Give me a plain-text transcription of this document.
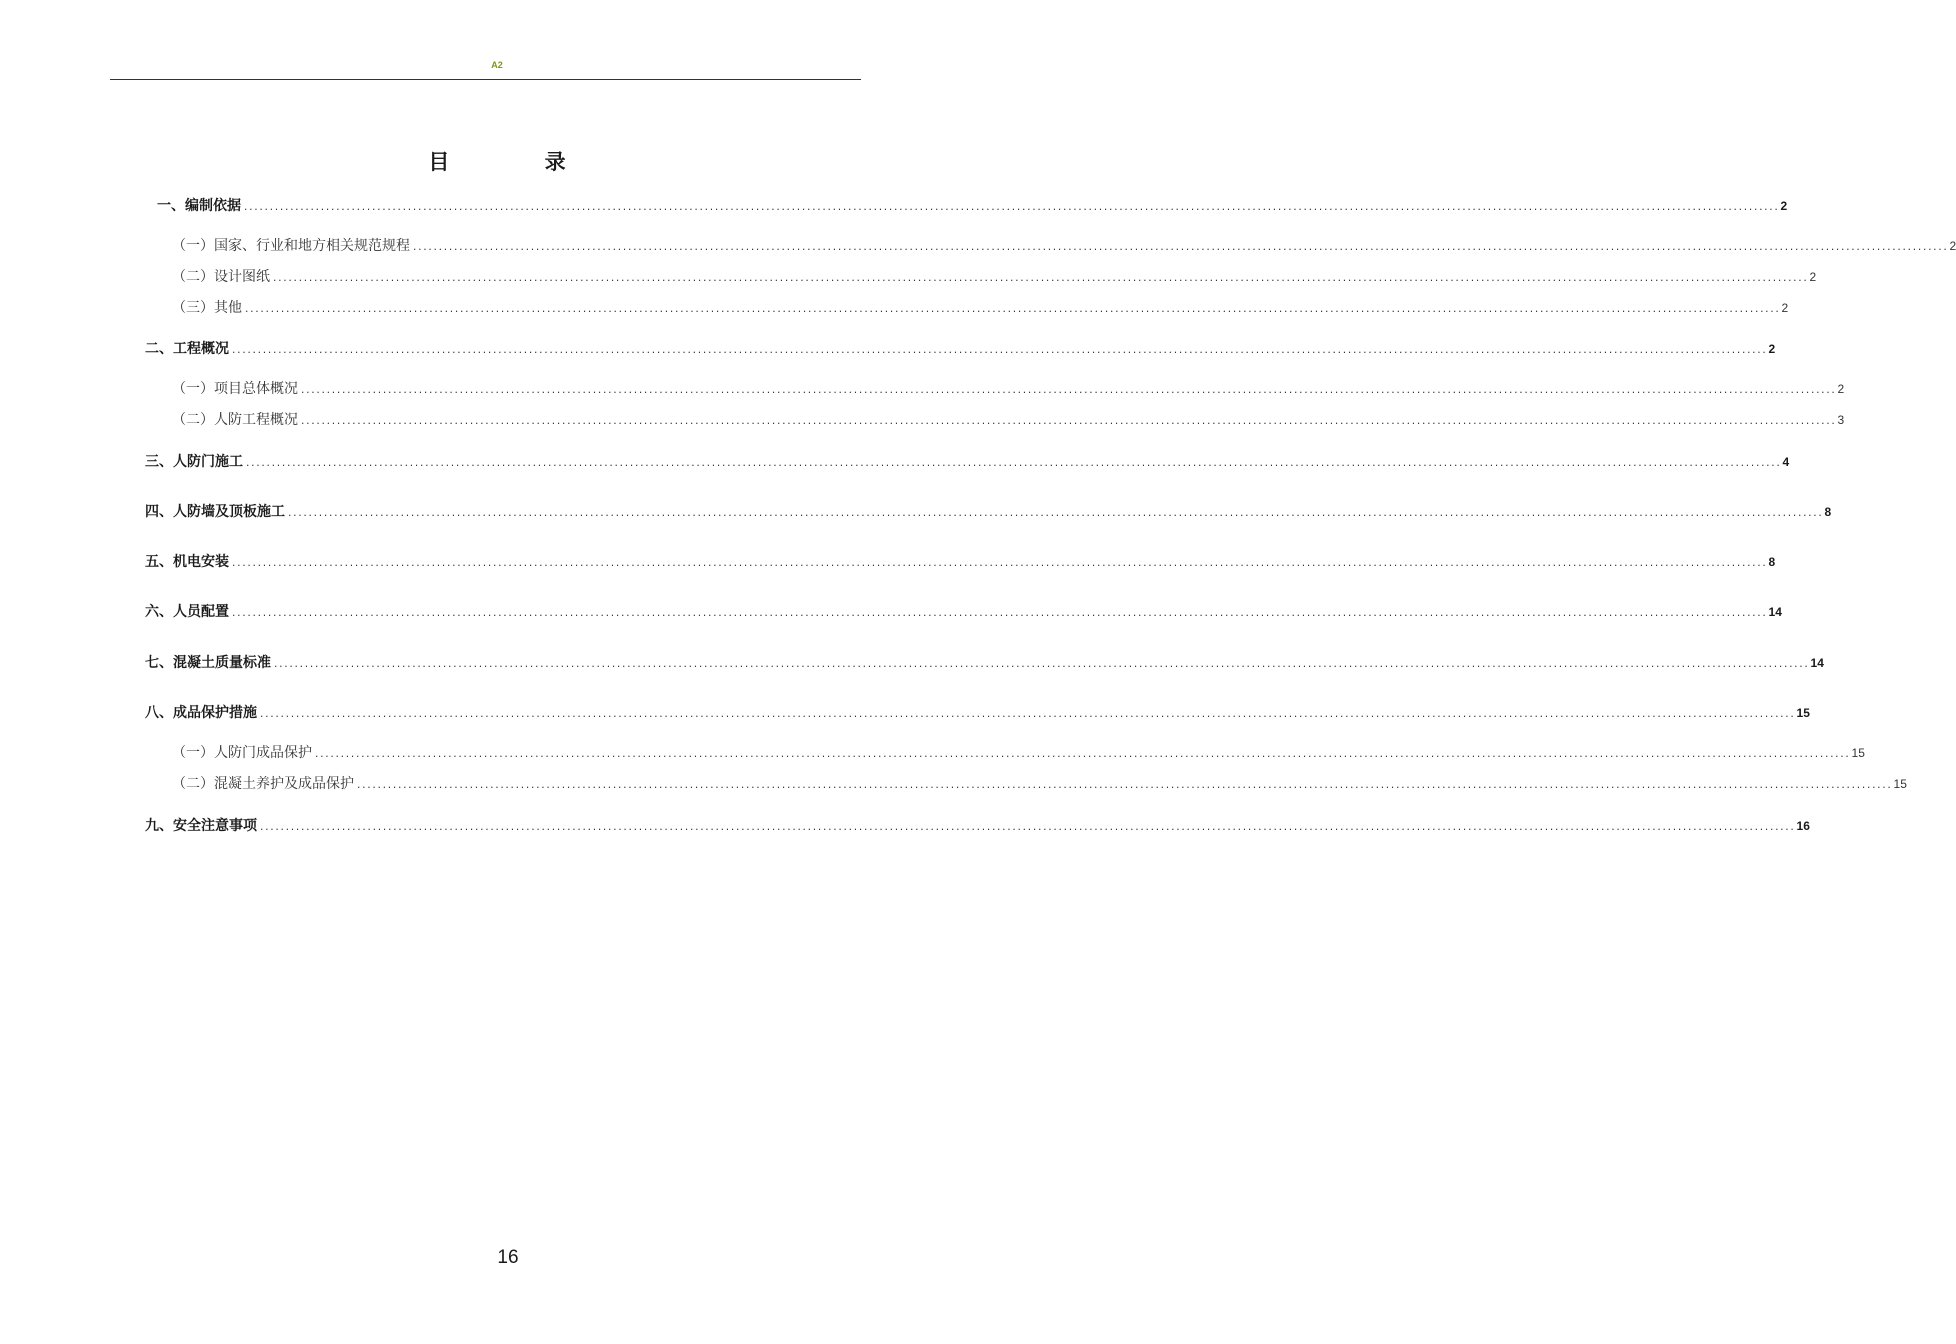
A2
目 录
一、编制依据 ............................................................................................................................................................................................................................................................................................................ 2
（一）国家、行业和地方相关规范规程 ............................................................................................................................................................................................................................................................................................................ 2
（二）设计图纸 ............................................................................................................................................................................................................................................................................................................ 2
（三）其他 ............................................................................................................................................................................................................................................................................................................ 2
二、工程概况 ............................................................................................................................................................................................................................................................................................................ 2
（一）项目总体概况 ............................................................................................................................................................................................................................................................................................................ 2
（二）人防工程概况 ............................................................................................................................................................................................................................................................................................................ 3
三、人防门施工 ............................................................................................................................................................................................................................................................................................................ 4
四、人防墙及顶板施工 ............................................................................................................................................................................................................................................................................................................ 8
五、机电安装 ............................................................................................................................................................................................................................................................................................................ 8
六、人员配置 ............................................................................................................................................................................................................................................................................................................ 14
七、混凝土质量标准 ............................................................................................................................................................................................................................................................................................................ 14
八、成品保护措施 ............................................................................................................................................................................................................................................................................................................ 15
（一）人防门成品保护 ............................................................................................................................................................................................................................................................................................................ 15
（二）混凝土养护及成品保护 ............................................................................................................................................................................................................................................................................................................ 15
九、安全注意事项 ............................................................................................................................................................................................................................................................................................................ 16
16
